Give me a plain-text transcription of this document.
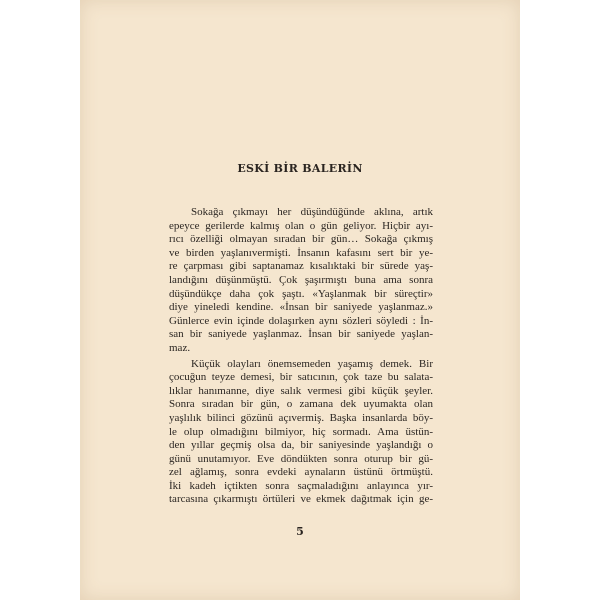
ESKİ BİR BALERİN
Sokağa çıkmayı her düşündüğünde aklına, artık
epeyce gerilerde kalmış olan o gün geliyor. Hiçbir ayı-
rıcı özelliği olmayan sıradan bir gün… Sokağa çıkmış
ve birden yaşlanıvermişti. İnsanın kafasını sert bir ye-
re çarpması gibi saptanamaz kısalıktaki bir sürede yaş-
landığını düşünmüştü. Çok şaşırmıştı buna ama sonra
düşündükçe daha çok şaştı. «Yaşlanmak bir süreçtir»
diye yineledi kendine. «İnsan bir saniyede yaşlanmaz.»
Günlerce evin içinde dolaşırken aynı sözleri söyledi : İn-
san bir saniyede yaşlanmaz. İnsan bir saniyede yaşlan-
maz.
Küçük olayları önemsemeden yaşamış demek. Bir
çocuğun teyze demesi, bir satıcının, çok taze bu salata-
lıklar hanımanne, diye salık vermesi gibi küçük şeyler.
Sonra sıradan bir gün, o zamana dek uyumakta olan
yaşlılık bilinci gözünü açıvermiş. Başka insanlarda böy-
le olup olmadığını bilmiyor, hiç sormadı. Ama üstün-
den yıllar geçmiş olsa da, bir saniyesinde yaşlandığı o
günü unutamıyor. Eve döndükten sonra oturup bir gü-
zel ağlamış, sonra evdeki aynaların üstünü örtmüştü.
İki kadeh içtikten sonra saçmaladığını anlayınca yır-
tarcasına çıkarmıştı örtüleri ve ekmek dağıtmak için ge-
5
